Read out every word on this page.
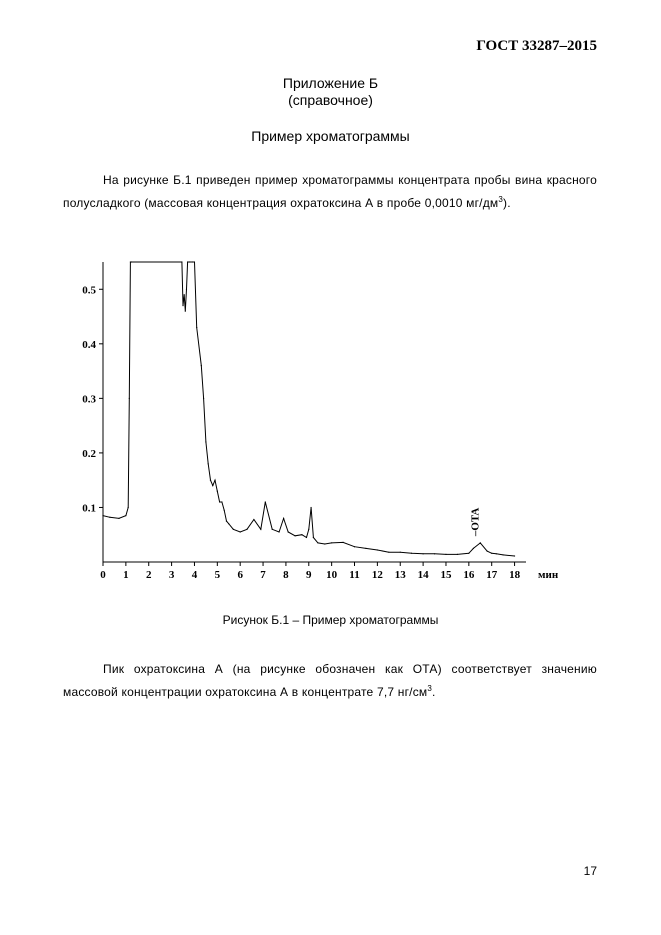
ГОСТ 33287–2015

Приложение Б
(справочное)
Пример хроматограммы

На рисунке Б.1 приведен пример хроматограммы концентрата пробы вина красного полусладкого (массовая концентрация охратоксина А в пробе 0,0010 $мг/дм^3$).

0 1 2 3 4 5 6 7 8 9 10 11 12 13 14 15 16 17 18 мин
0.1
0.2
0.3
0.4
0.5
–OTA

Рисунок Б.1 – Пример хроматограммы

Пик охратоксина А (на рисунке обозначен как ОТА) соответствует значению массовой концентрации охратоксина А в концентрате 7,7 $нг/см^3$.

17
